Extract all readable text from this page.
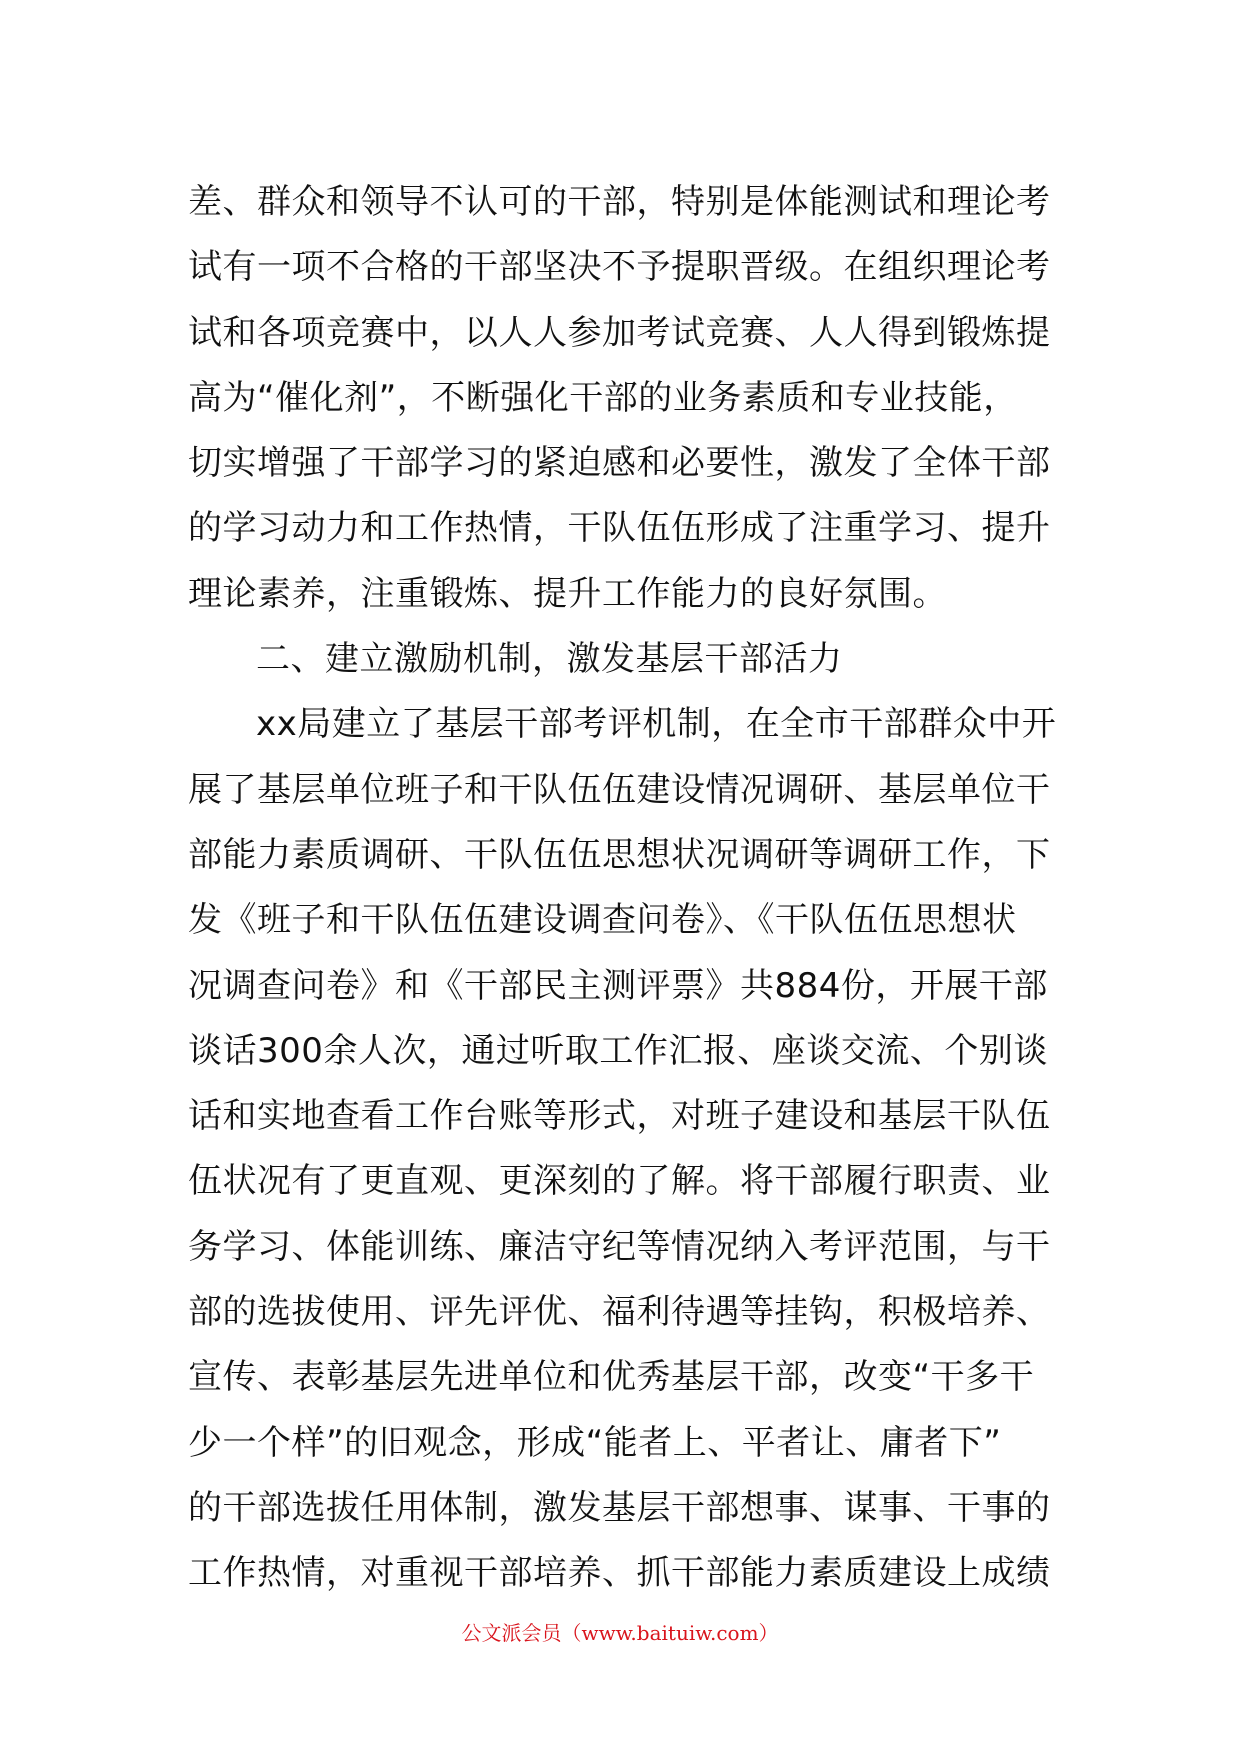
差、群众和领导不认可的干部，特别是体能测试和理论考
试有一项不合格的干部坚决不予提职晋级。在组织理论考
试和各项竞赛中，以人人参加考试竞赛、人人得到锻炼提
高为“催化剂”，不断强化干部的业务素质和专业技能，
切实增强了干部学习的紧迫感和必要性，激发了全体干部
的学习动力和工作热情，干队伍伍形成了注重学习、提升
理论素养，注重锻炼、提升工作能力的良好氛围。
二、建立激励机制，激发基层干部活力
xx局建立了基层干部考评机制，在全市干部群众中开
展了基层单位班子和干队伍伍建设情况调研、基层单位干
部能力素质调研、干队伍伍思想状况调研等调研工作，下
发《班子和干队伍伍建设调查问卷》、《干队伍伍思想状
况调查问卷》和《干部民主测评票》共884份，开展干部
谈话300余人次，通过听取工作汇报、座谈交流、个别谈
话和实地查看工作台账等形式，对班子建设和基层干队伍
伍状况有了更直观、更深刻的了解。将干部履行职责、业
务学习、体能训练、廉洁守纪等情况纳入考评范围，与干
部的选拔使用、评先评优、福利待遇等挂钩，积极培养、
宣传、表彰基层先进单位和优秀基层干部，改变“干多干
少一个样”的旧观念，形成“能者上、平者让、庸者下”
的干部选拔任用体制，激发基层干部想事、谋事、干事的
工作热情，对重视干部培养、抓干部能力素质建设上成绩
公文派会员（www.baituiw.com）
